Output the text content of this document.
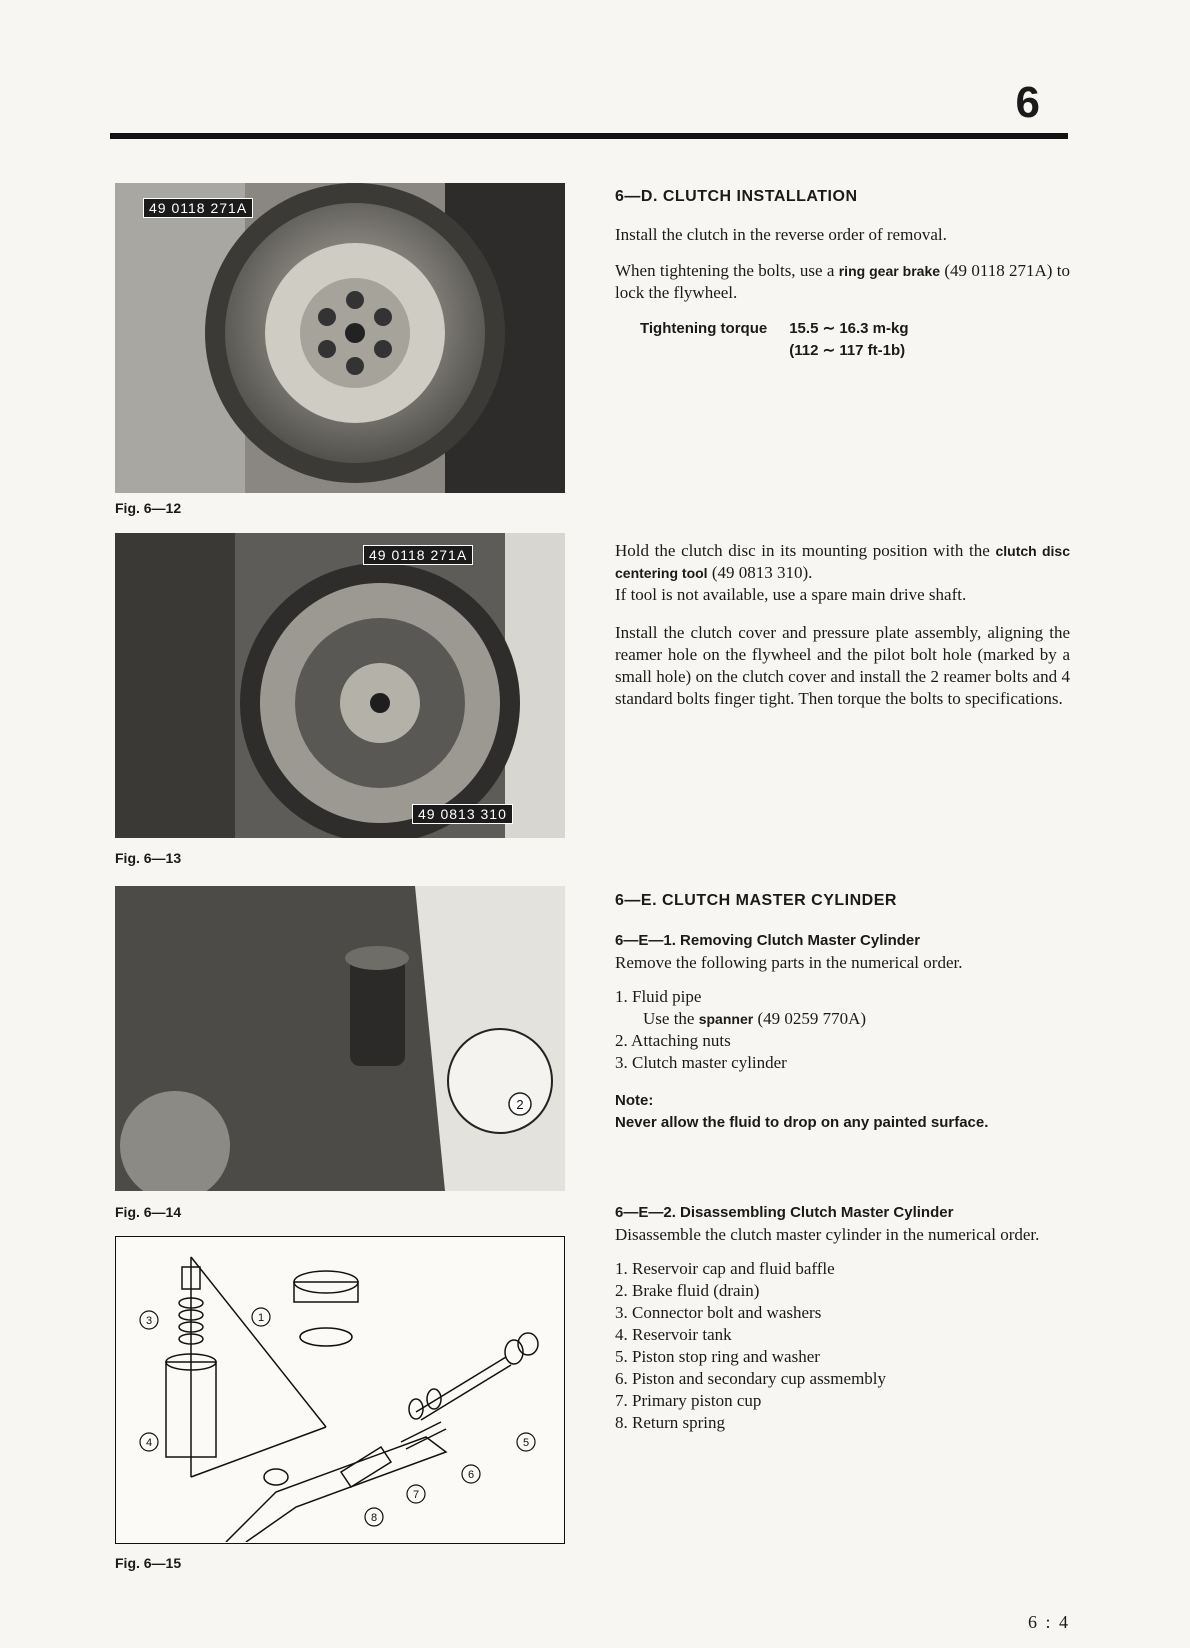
6
49 0118 271A
Fig. 6—12
49 0118 271A
49 0813 310
Fig. 6—13
2
Fig. 6—14
1
3
4	5
6
7
8
Fig. 6—15
6—D. CLUTCH INSTALLATION

Install the clutch in the reverse order of removal.

When tightening the bolts, use a ring gear brake (49 0118 271A) to lock the flywheel.

Tightening torque 15.5 ∼ 16.3 m-kg
(112 ∼ 117 ft-1b)

Hold the clutch disc in its mounting position with the clutch disc centering tool (49 0813 310).

If tool is not available, use a spare main drive shaft.

Install the clutch cover and pressure plate assembly, aligning the reamer hole on the flywheel and the pilot bolt hole (marked by a small hole) on the clutch cover and install the 2 reamer bolts and 4 standard bolts finger tight. Then torque the bolts to specifications.

6—E. CLUTCH MASTER CYLINDER
6—E—1. Removing Clutch Master Cylinder

Remove the following parts in the numerical order.

1. Fluid pipe
Use the spanner (49 0259 770A)
2. Attaching nuts
3. Clutch master cylinder
Note:
Never allow the fluid to drop on any painted surface.
6—E—2. Disassembling Clutch Master Cylinder

Disassemble the clutch master cylinder in the numerical order.

1. Reservoir cap and fluid baffle
2. Brake fluid (drain)
3. Connector bolt and washers
4. Reservoir tank
5. Piston stop ring and washer
6. Piston and secondary cup assmembly
7. Primary piston cup
8. Return spring
6 : 4
